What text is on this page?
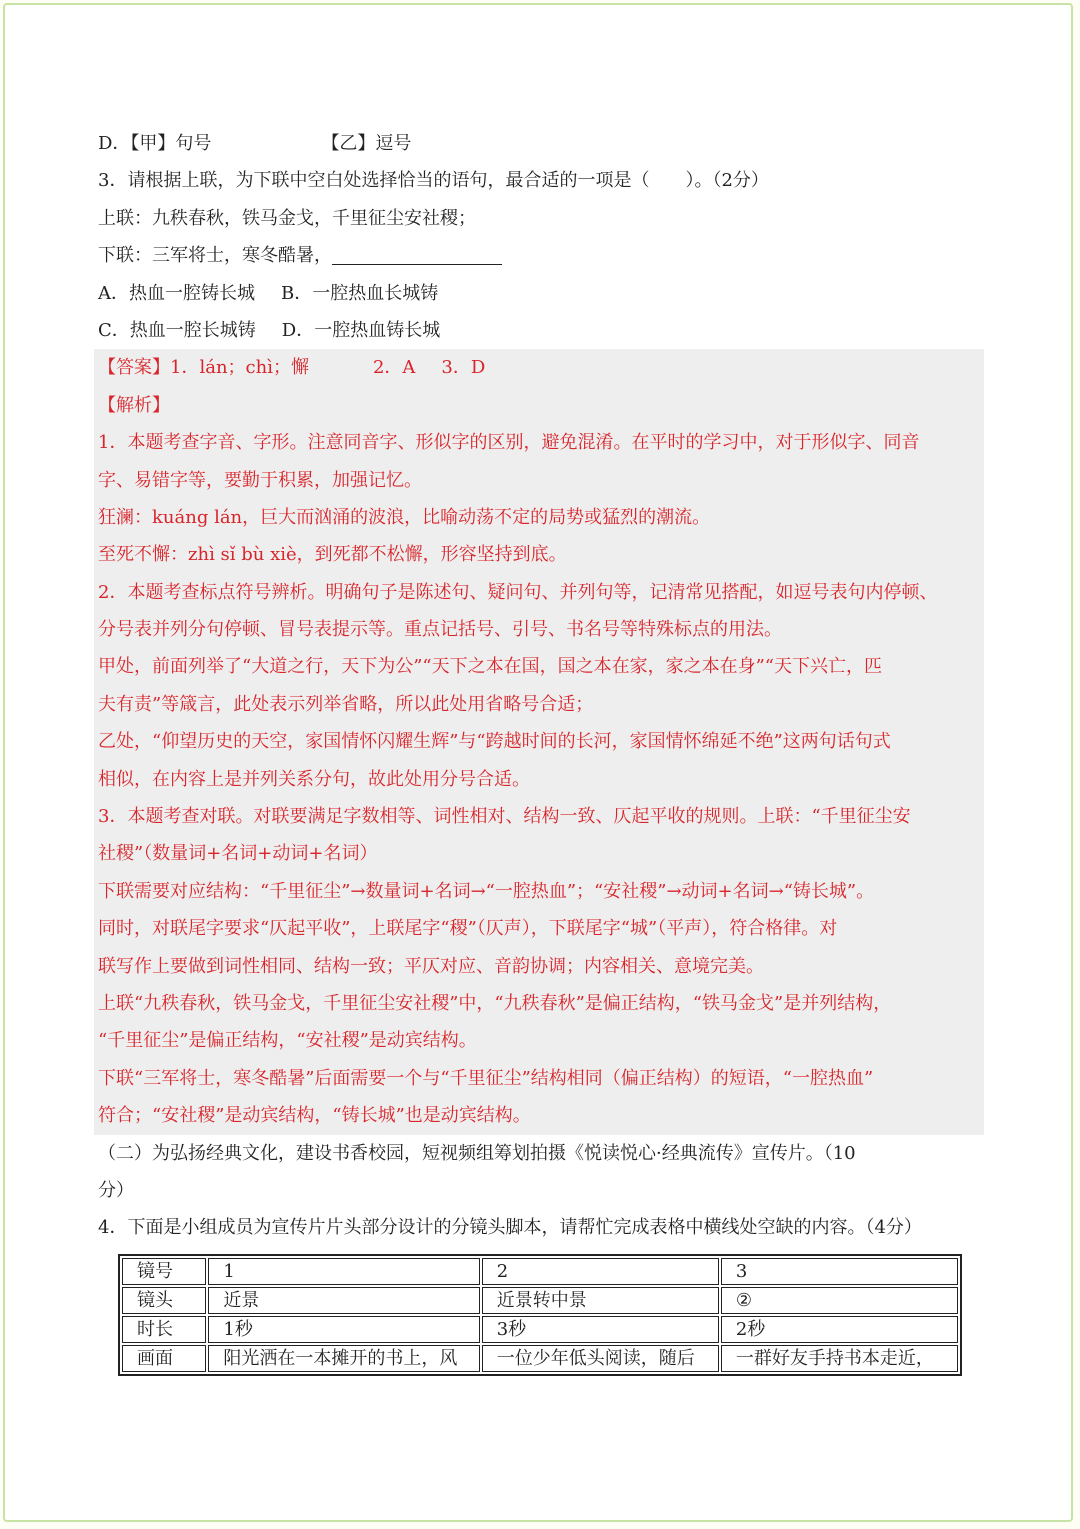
D．【甲】句号	【乙】逗号
3．请根据上联，为下联中空白处选择恰当的语句，最合适的一项是（　　）。（2分）
上联：九秩春秋，铁马金戈，千里征尘安社稷；
下联：三军将士，寒冬酷暑，
A．热血一腔铸长城 B．一腔热血长城铸
C．热血一腔长城铸 D．一腔热血铸长城
【答案】1．lán；chì；懈	2．A 3．D
【解析】
1．本题考查字音、字形。注意同音字、形似字的区别，避免混淆。在平时的学习中，对于形似字、同音
字、易错字等，要勤于积累，加强记忆。
狂澜：kuáng lán，巨大而汹涌的波浪，比喻动荡不定的局势或猛烈的潮流。
至死不懈：zhì sǐ bù xiè，到死都不松懈，形容坚持到底。
2．本题考查标点符号辨析。明确句子是陈述句、疑问句、并列句等，记清常见搭配，如逗号表句内停顿、
分号表并列分句停顿、冒号表提示等。重点记括号、引号、书名号等特殊标点的用法。
甲处，前面列举了“大道之行，天下为公”“天下之本在国，国之本在家，家之本在身”“天下兴亡，匹
夫有责”等箴言，此处表示列举省略，所以此处用省略号合适；
乙处，“仰望历史的天空，家国情怀闪耀生辉”与“跨越时间的长河，家国情怀绵延不绝”这两句话句式
相似，在内容上是并列关系分句，故此处用分号合适。
3．本题考查对联。对联要满足字数相等、词性相对、结构一致、仄起平收的规则。上联：“千里征尘安
社稷”（数量词+名词+动词+名词）
下联需要对应结构：“千里征尘”→数量词+名词→“一腔热血”；“安社稷”→动词+名词→“铸长城”。
同时，对联尾字要求“仄起平收”，上联尾字“稷”（仄声），下联尾字“城”（平声），符合格律。对
联写作上要做到词性相同、结构一致；平仄对应、音韵协调；内容相关、意境完美。
上联“九秩春秋，铁马金戈，千里征尘安社稷”中，“九秩春秋”是偏正结构，“铁马金戈”是并列结构，
“千里征尘”是偏正结构，“安社稷”是动宾结构。
下联“三军将士，寒冬酷暑”后面需要一个与“千里征尘”结构相同（偏正结构）的短语，“一腔热血”
符合；“安社稷”是动宾结构，“铸长城”也是动宾结构。
（二）为弘扬经典文化，建设书香校园，短视频组筹划拍摄《悦读悦心·经典流传》宣传片。（10
分）
4．下面是小组成员为宣传片片头部分设计的分镜头脚本，请帮忙完成表格中横线处空缺的内容。（4分）
镜号	1	2	3
镜头	近景	近景转中景	②
时长	1秒	3秒	2秒
画面	阳光洒在一本摊开的书上，风	一位少年低头阅读，随后	一群好友手持书本走近，
